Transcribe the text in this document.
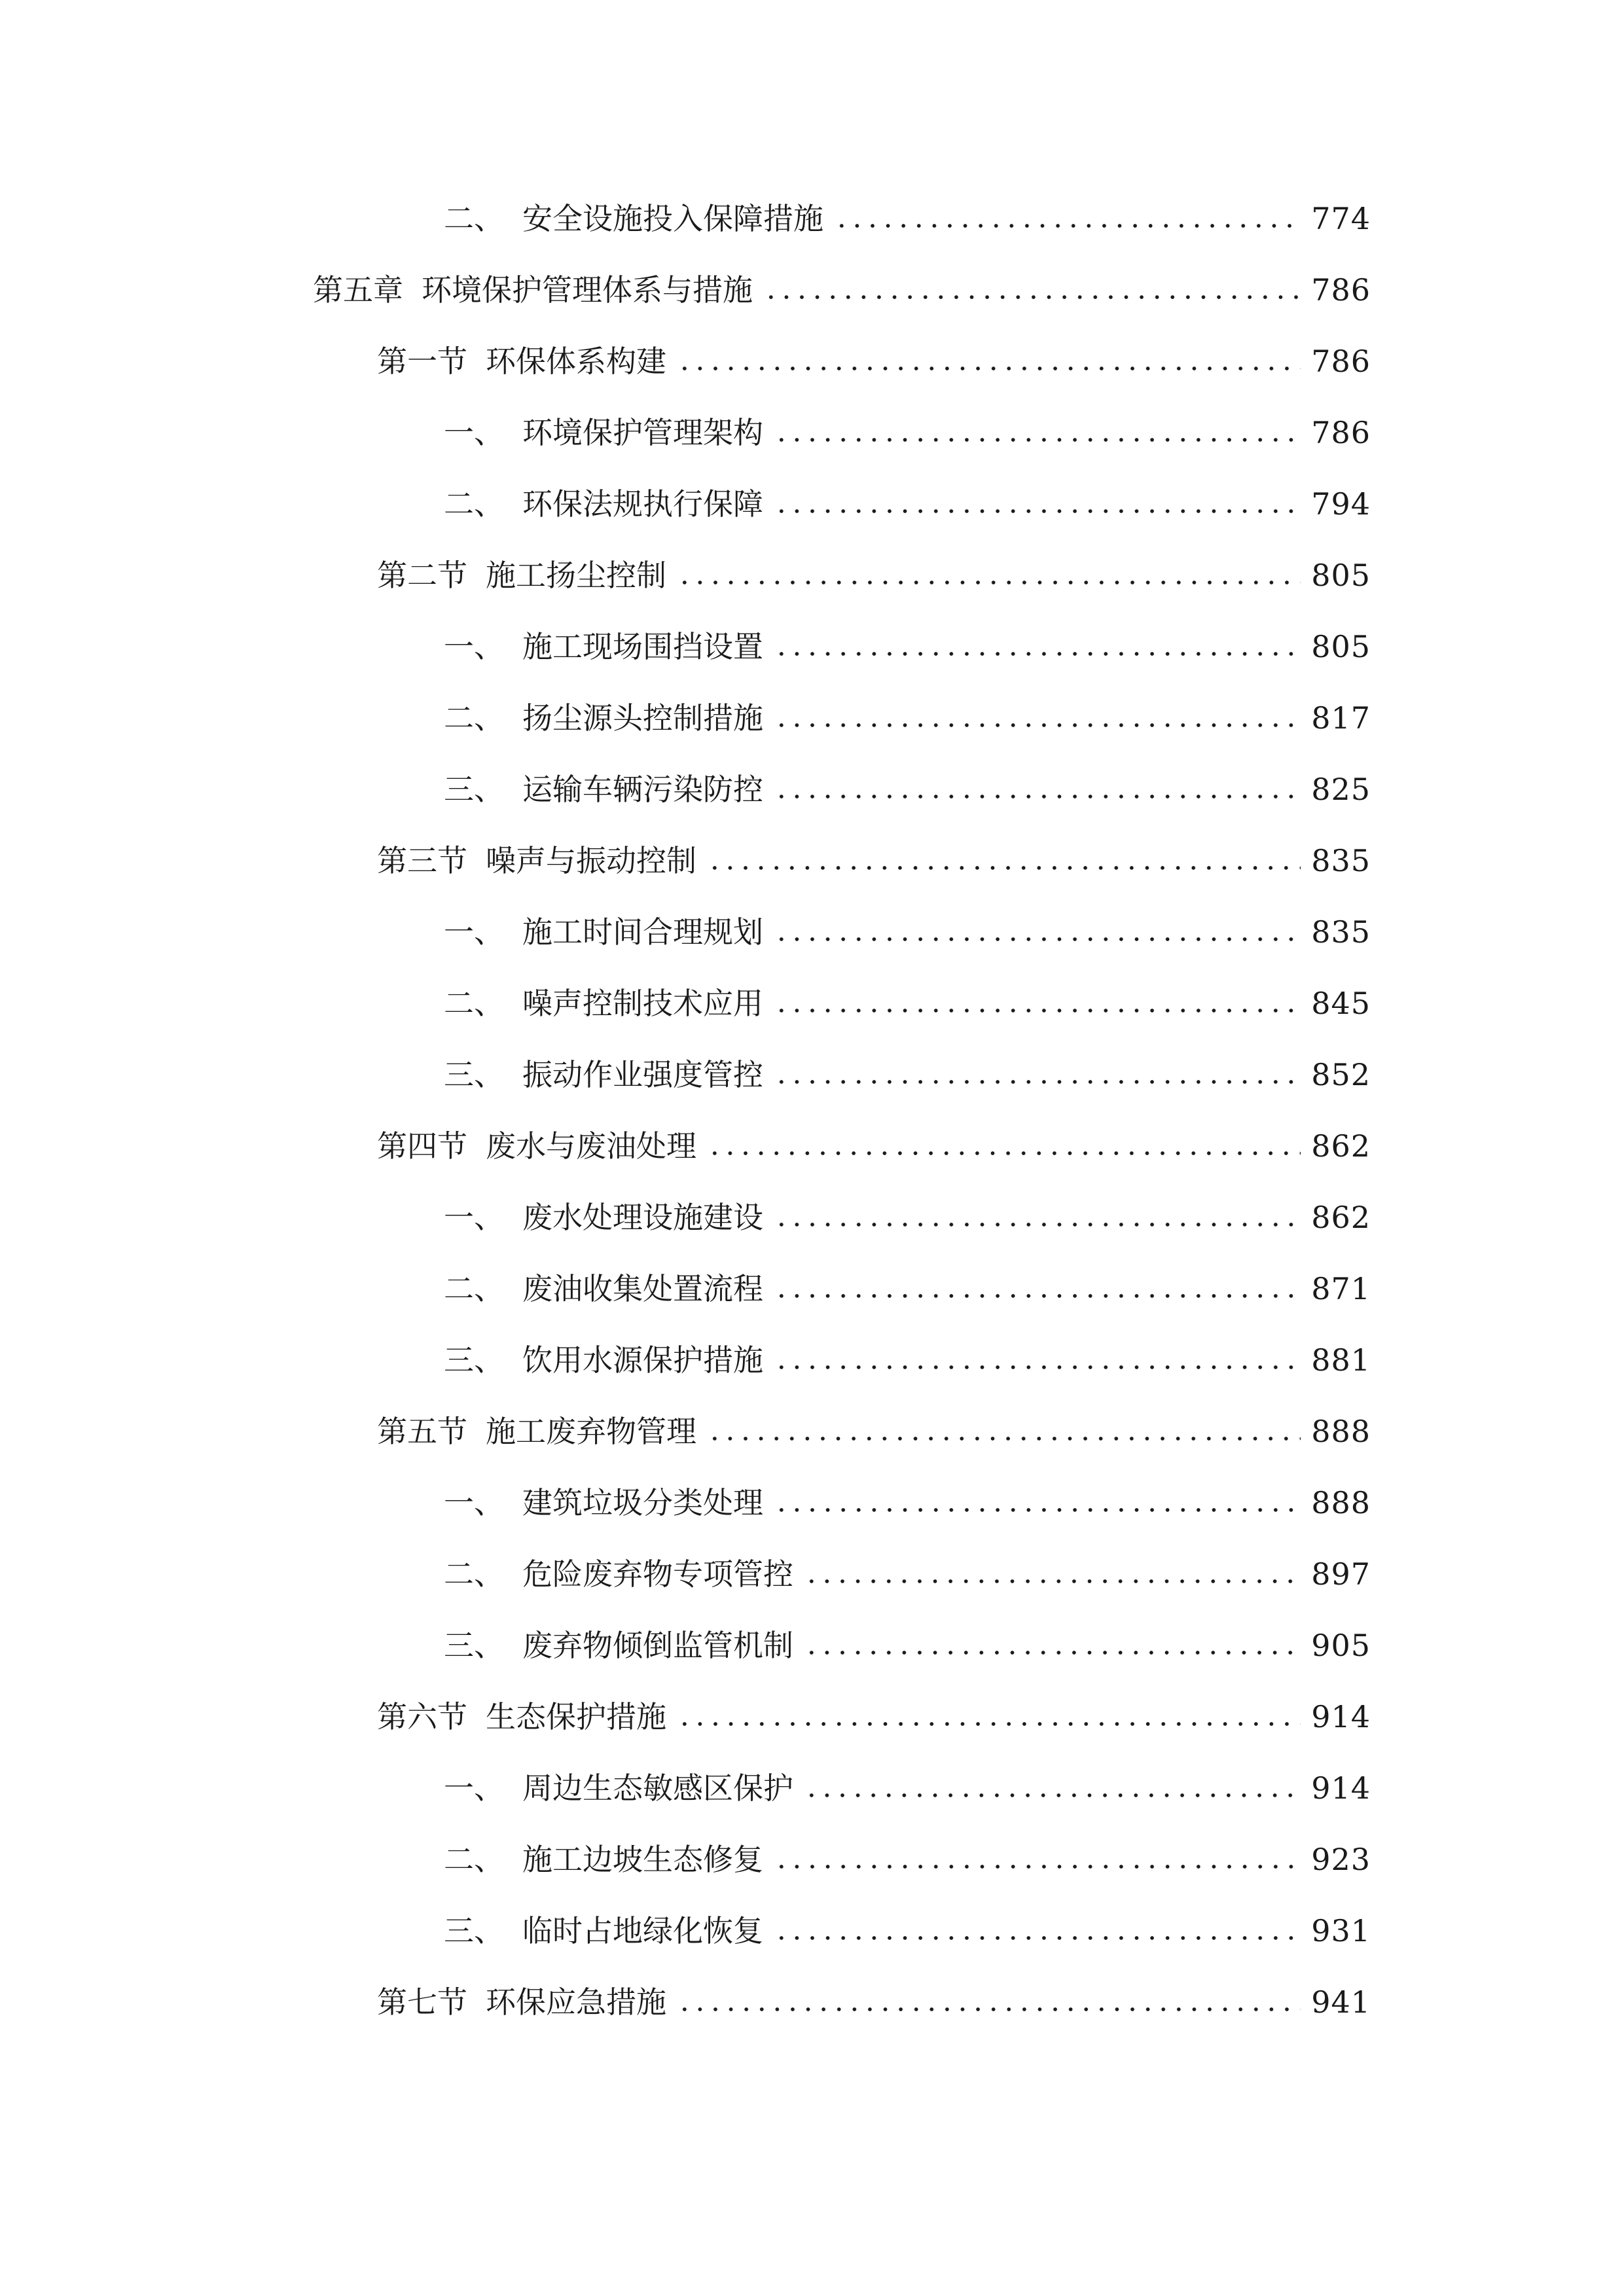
二、 安全设施投入保障措施	774
第五章 环境保护管理体系与措施	786
第一节 环保体系构建	786
一、 环境保护管理架构	786
二、 环保法规执行保障	794
第二节 施工扬尘控制	805
一、 施工现场围挡设置	805
二、 扬尘源头控制措施	817
三、 运输车辆污染防控	825
第三节 噪声与振动控制	835
一、 施工时间合理规划	835
二、 噪声控制技术应用	845
三、 振动作业强度管控	852
第四节 废水与废油处理	862
一、 废水处理设施建设	862
二、 废油收集处置流程	871
三、 饮用水源保护措施	881
第五节 施工废弃物管理	888
一、 建筑垃圾分类处理	888
二、 危险废弃物专项管控	897
三、 废弃物倾倒监管机制	905
第六节 生态保护措施	914
一、 周边生态敏感区保护	914
二、 施工边坡生态修复	923
三、 临时占地绿化恢复	931
第七节 环保应急措施	941
